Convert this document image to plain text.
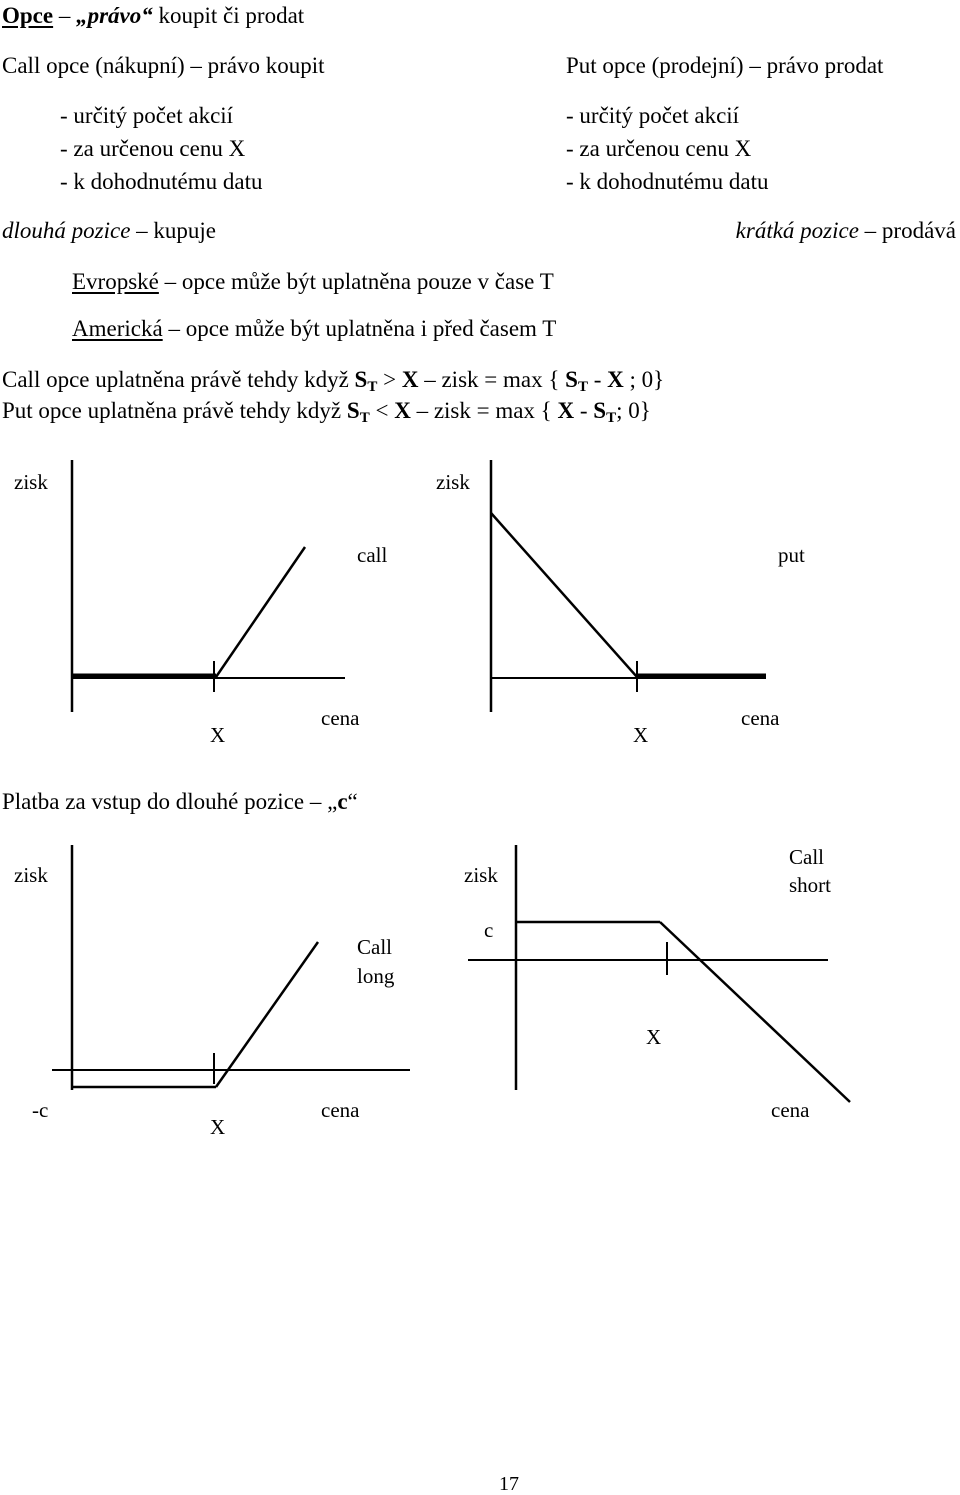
Opce – „právo“ koupit či prodat
Call opce (nákupní) – právo koupit	Put opce (prodejní) – právo prodat
- určitý počet akcií
- za určenou cenu X
- k dohodnutému datu
- určitý počet akcií
- za určenou cenu X
- k dohodnutému datu
dlouhá pozice – kupuje	krátká pozice – prodává
Evropské – opce může být uplatněna pouze v čase T
Americká – opce může být uplatněna i před časem T
Call opce uplatněna právě tehdy když ST > X – zisk = max { ST - X ; 0}
Put opce uplatněna právě tehdy když ST < X – zisk = max { X - ST; 0}
zisk
call
X
cena
zisk
put
X
cena
Platba za vstup do dlouhé pozice – „c“
zisk
Call
long
-c
X
cena
zisk
Call
short
c
X
cena
17
